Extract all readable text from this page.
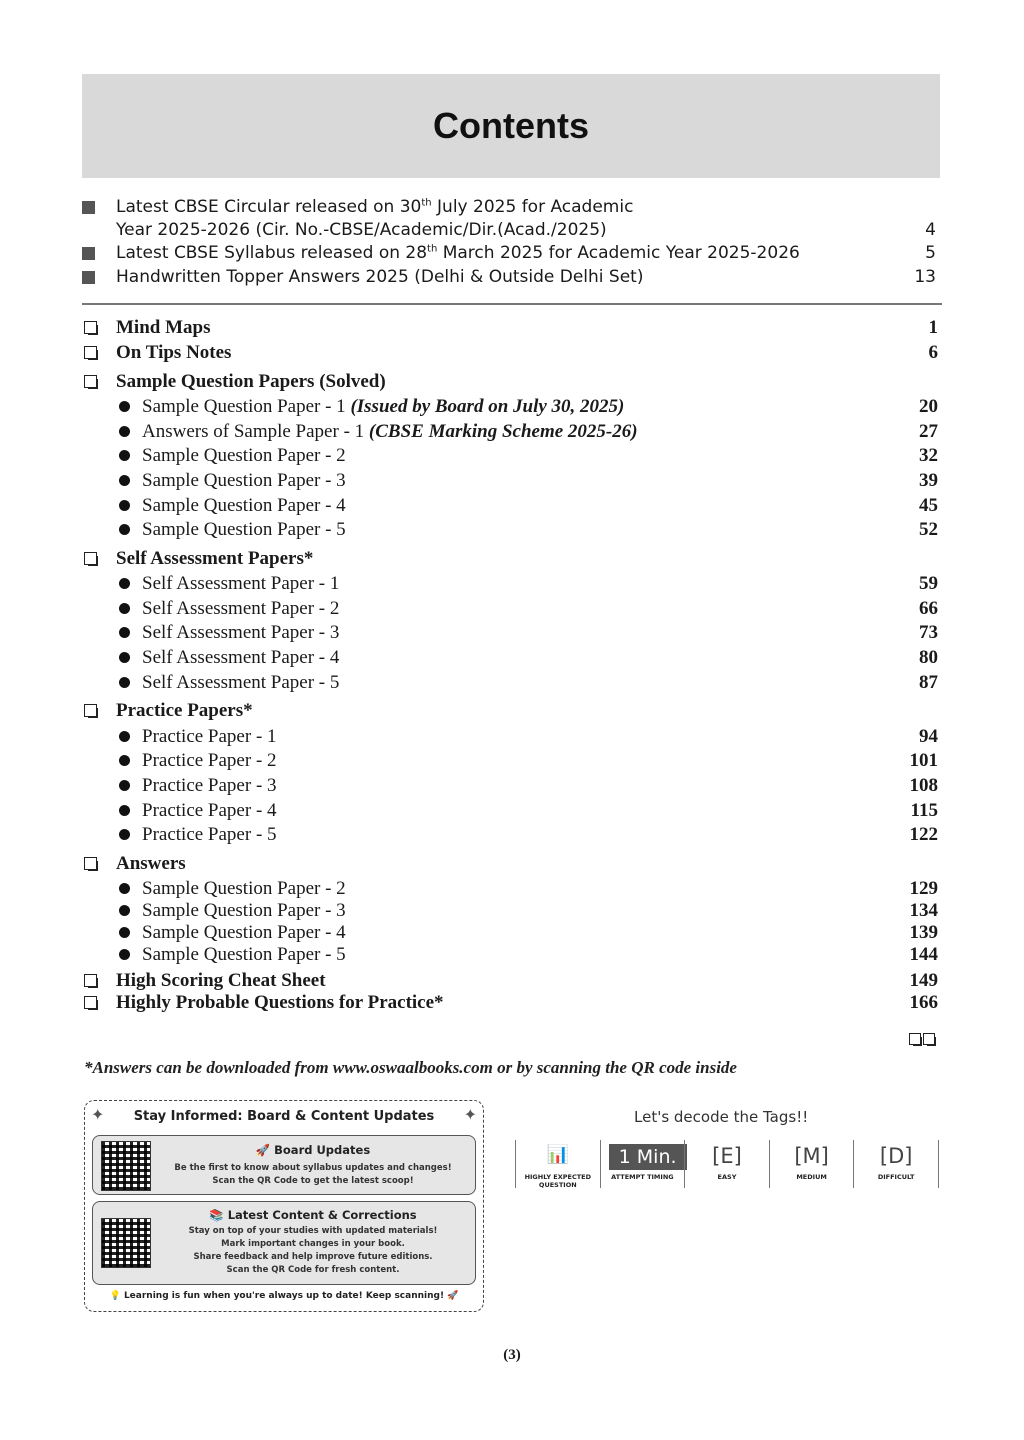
Contents
Latest CBSE Circular released on 30th July 2025 for Academic
Year 2025-2026 (Cir. No.-CBSE/Academic/Dir.(Acad./2025)	4
Latest CBSE Syllabus released on 28th March 2025 for Academic Year 2025-2026	5
Handwritten Topper Answers 2025 (Delhi & Outside Delhi Set)	13
Mind Maps	1
On Tips Notes	6
Sample Question Papers (Solved)
Sample Question Paper - 1 (Issued by Board on July 30, 2025)	20
Answers of Sample Paper - 1 (CBSE Marking Scheme 2025-26)	27
Sample Question Paper - 2	32
Sample Question Paper - 3	39
Sample Question Paper - 4	45
Sample Question Paper - 5	52
Self Assessment Papers*
Self Assessment Paper - 1	59
Self Assessment Paper - 2	66
Self Assessment Paper - 3	73
Self Assessment Paper - 4	80
Self Assessment Paper - 5	87
Practice Papers*
Practice Paper - 1	94
Practice Paper - 2	101
Practice Paper - 3	108
Practice Paper - 4	115
Practice Paper - 5	122
Answers
Sample Question Paper - 2	129
Sample Question Paper - 3	134
Sample Question Paper - 4	139
Sample Question Paper - 5	144
High Scoring Cheat Sheet	149
Highly Probable Questions for Practice*	166
*Answers can be downloaded from www.oswaalbooks.com or by scanning the QR code inside
✦	✦
Stay Informed: Board & Content Updates
🚀 Board Updates
Be the first to know about syllabus updates and changes!
Scan the QR Code to get the latest scoop!
📚 Latest Content & Corrections
Stay on top of your studies with updated materials!
Mark important changes in your book.
Share feedback and help improve future editions.
Scan the QR Code for fresh content.
💡 Learning is fun when you're always up to date! Keep scanning! 🚀
Let's decode the Tags!!
📊
HIGHLY EXPECTED QUESTION
1 Min.
ATTEMPT TIMING
[E]
EASY
[M]
MEDIUM
[D]
DIFFICULT
(3)
